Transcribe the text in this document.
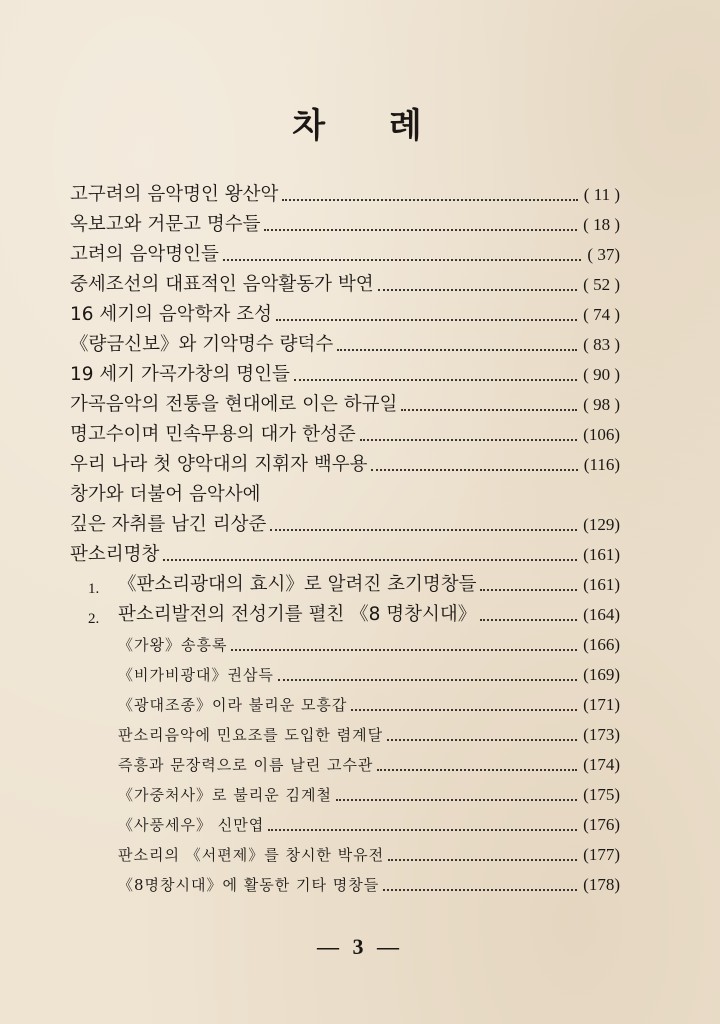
차 례
고구려의 음악명인 왕산악	( 11 )
옥보고와 거문고 명수들	( 18 )
고려의 음악명인들	( 37)
중세조선의 대표적인 음악활동가 박연	( 52 )
16 세기의 음악학자 조성	( 74 )
《량금신보》와 기악명수 량덕수	( 83 )
19 세기 가곡가창의 명인들	( 90 )
가곡음악의 전통을 현대에로 이은 하규일	( 98 )
명고수이며 민속무용의 대가 한성준	(106)
우리 나라 첫 양악대의 지휘자 백우용	(116)
창가와 더불어 음악사에
깊은 자취를 남긴 리상준	(129)
판소리명창	(161)
1.	《판소리광대의 효시》로 알려진 초기명창들	(161)
2.	판소리발전의 전성기를 펼친 《8 명창시대》	(164)
《가왕》송흥록	(166)
《비가비광대》권삼득	(169)
《광대조종》이라 불리운 모흥갑	(171)
판소리음악에 민요조를 도입한 렴계달	(173)
즉흥과 문장력으로 이름 날린 고수관	(174)
《가중처사》로 불리운 김계철	(175)
《사풍세우》 신만엽	(176)
판소리의 《서편제》를 창시한 박유전	(177)
《8명창시대》에 활동한 기타 명창들	(178)
— 3 —
